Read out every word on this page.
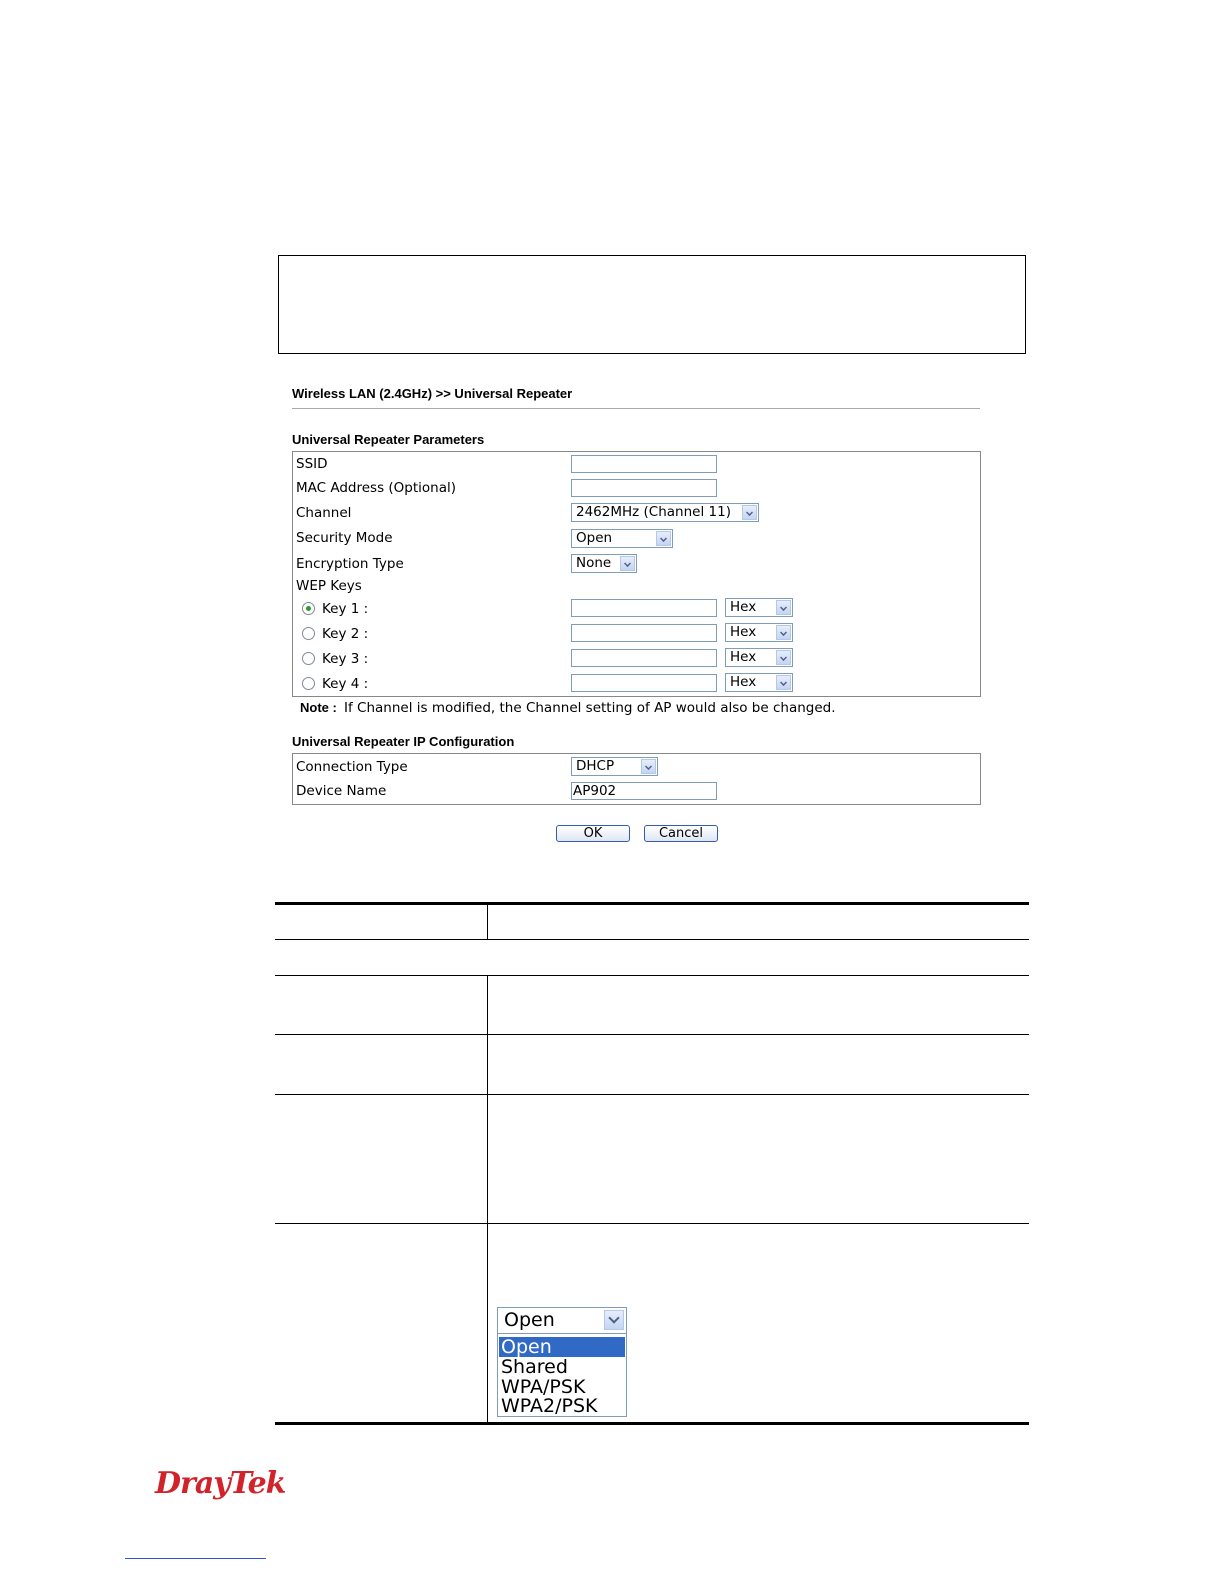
Wireless LAN (2.4GHz) >> Universal Repeater
Universal Repeater Parameters
SSID
MAC Address (Optional)
Channel	2462MHz (Channel 11)
Security Mode	Open
Encryption Type	None
WEP Keys
Key 1 :	Hex
Key 2 :	Hex
Key 3 :	Hex
Key 4 :	Hex
Note : If Channel is modified, the Channel setting of AP would also be changed.
Universal Repeater IP Configuration
Connection Type	DHCP
Device Name	AP902
OK	Cancel
Open
Open
Shared
WPA/PSK
WPA2/PSK
DrayTek
